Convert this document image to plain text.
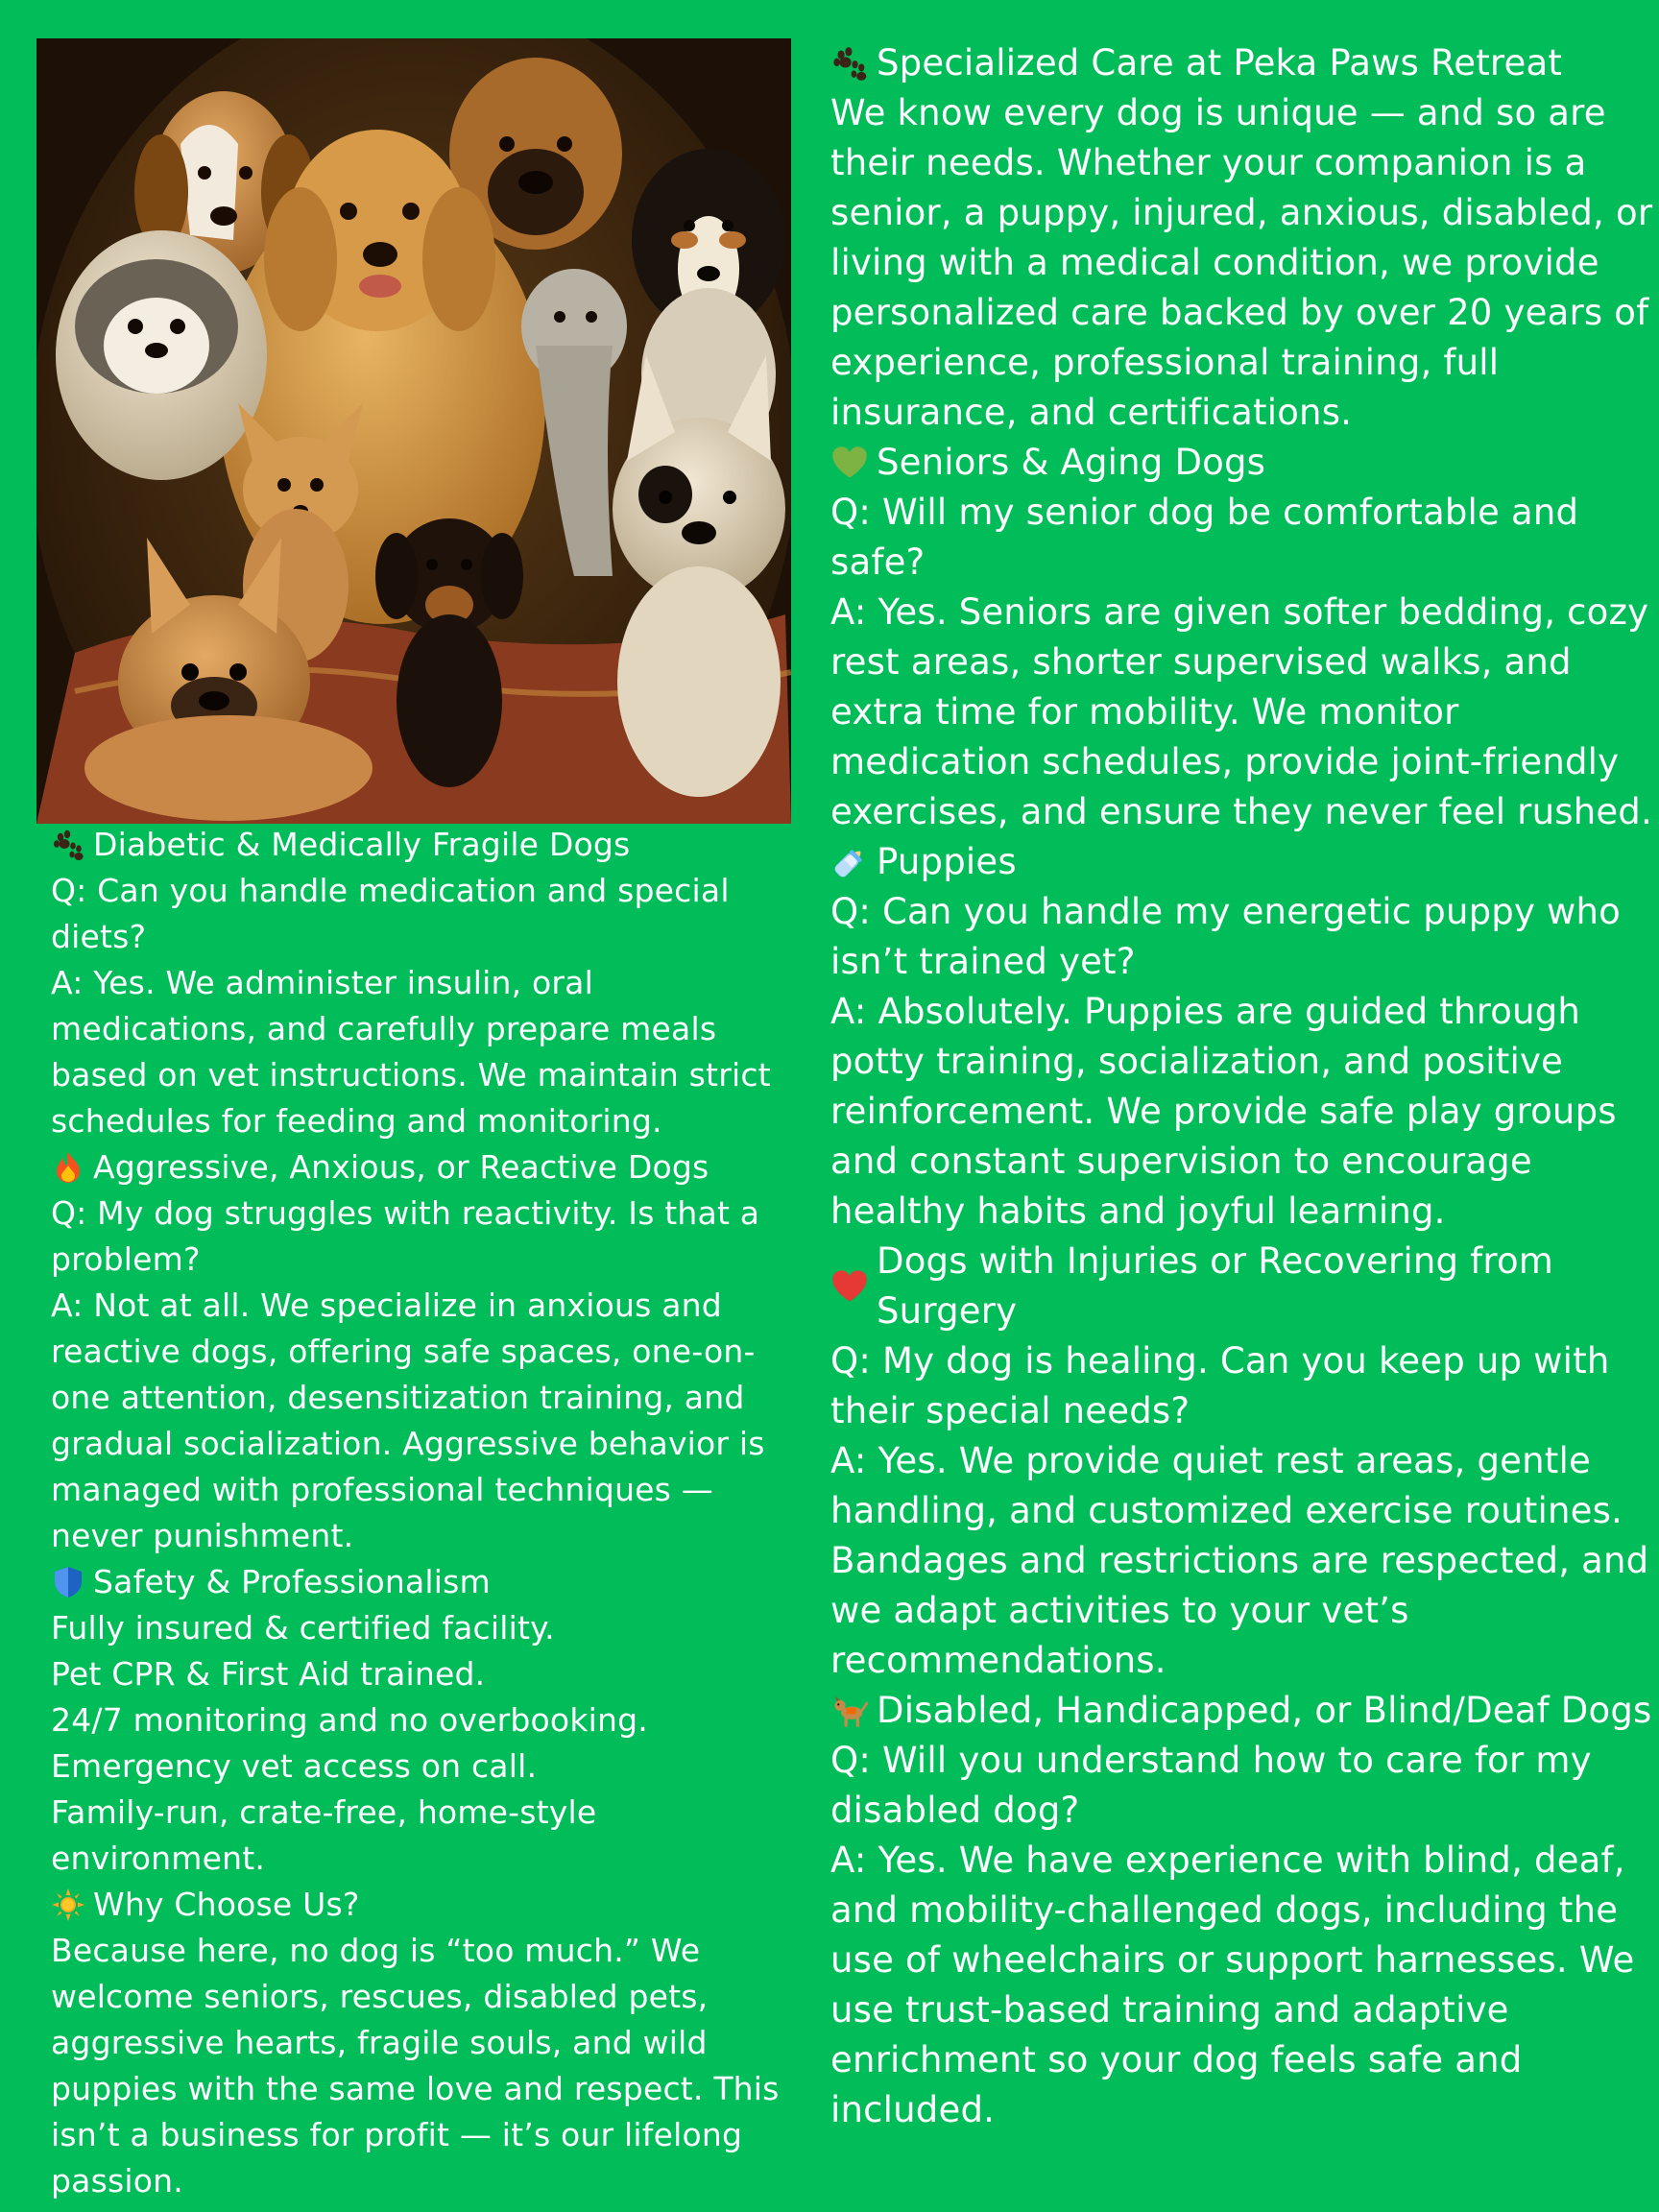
Diabetic & Medically Fragile Dogs

Q: Can you handle medication and special diets?

A: Yes. We administer insulin, oral medications, and carefully prepare meals based on vet instructions. We maintain strict schedules for feeding and monitoring.

Aggressive, Anxious, or Reactive Dogs

Q: My dog struggles with reactivity. Is that a problem?

A: Not at all. We specialize in anxious and reactive dogs, offering safe spaces, one-on-one attention, desensitization training, and gradual socialization. Aggressive behavior is managed with professional techniques — never punishment.

Safety & Professionalism

Fully insured & certified facility.

Pet CPR & First Aid trained.

24/7 monitoring and no overbooking.

Emergency vet access on call.

Family-run, crate-free, home-style environment.

Why Choose Us?

Because here, no dog is “too much.” We welcome seniors, rescues, disabled pets, aggressive hearts, fragile souls, and wild puppies with the same love and respect. This isn’t a business for profit — it’s our lifelong passion.

Specialized Care at Peka Paws Retreat

We know every dog is unique — and so are their needs. Whether your companion is a senior, a puppy, injured, anxious, disabled, or living with a medical condition, we provide personalized care backed by over 20 years of experience, professional training, full insurance, and certifications.

Seniors & Aging Dogs

Q: Will my senior dog be comfortable and safe?

A: Yes. Seniors are given softer bedding, cozy rest areas, shorter supervised walks, and extra time for mobility. We monitor medication schedules, provide joint-friendly exercises, and ensure they never feel rushed.

Puppies

Q: Can you handle my energetic puppy who isn’t trained yet?

A: Absolutely. Puppies are guided through potty training, socialization, and positive reinforcement. We provide safe play groups and constant supervision to encourage healthy habits and joyful learning.

Dogs with Injuries or Recovering from Surgery

Q: My dog is healing. Can you keep up with their special needs?

A: Yes. We provide quiet rest areas, gentle handling, and customized exercise routines. Bandages and restrictions are respected, and we adapt activities to your vet’s recommendations.

Disabled, Handicapped, or Blind/Deaf Dogs

Q: Will you understand how to care for my disabled dog?

A: Yes. We have experience with blind, deaf, and mobility-challenged dogs, including the use of wheelchairs or support harnesses. We use trust-based training and adaptive enrichment so your dog feels safe and included.
